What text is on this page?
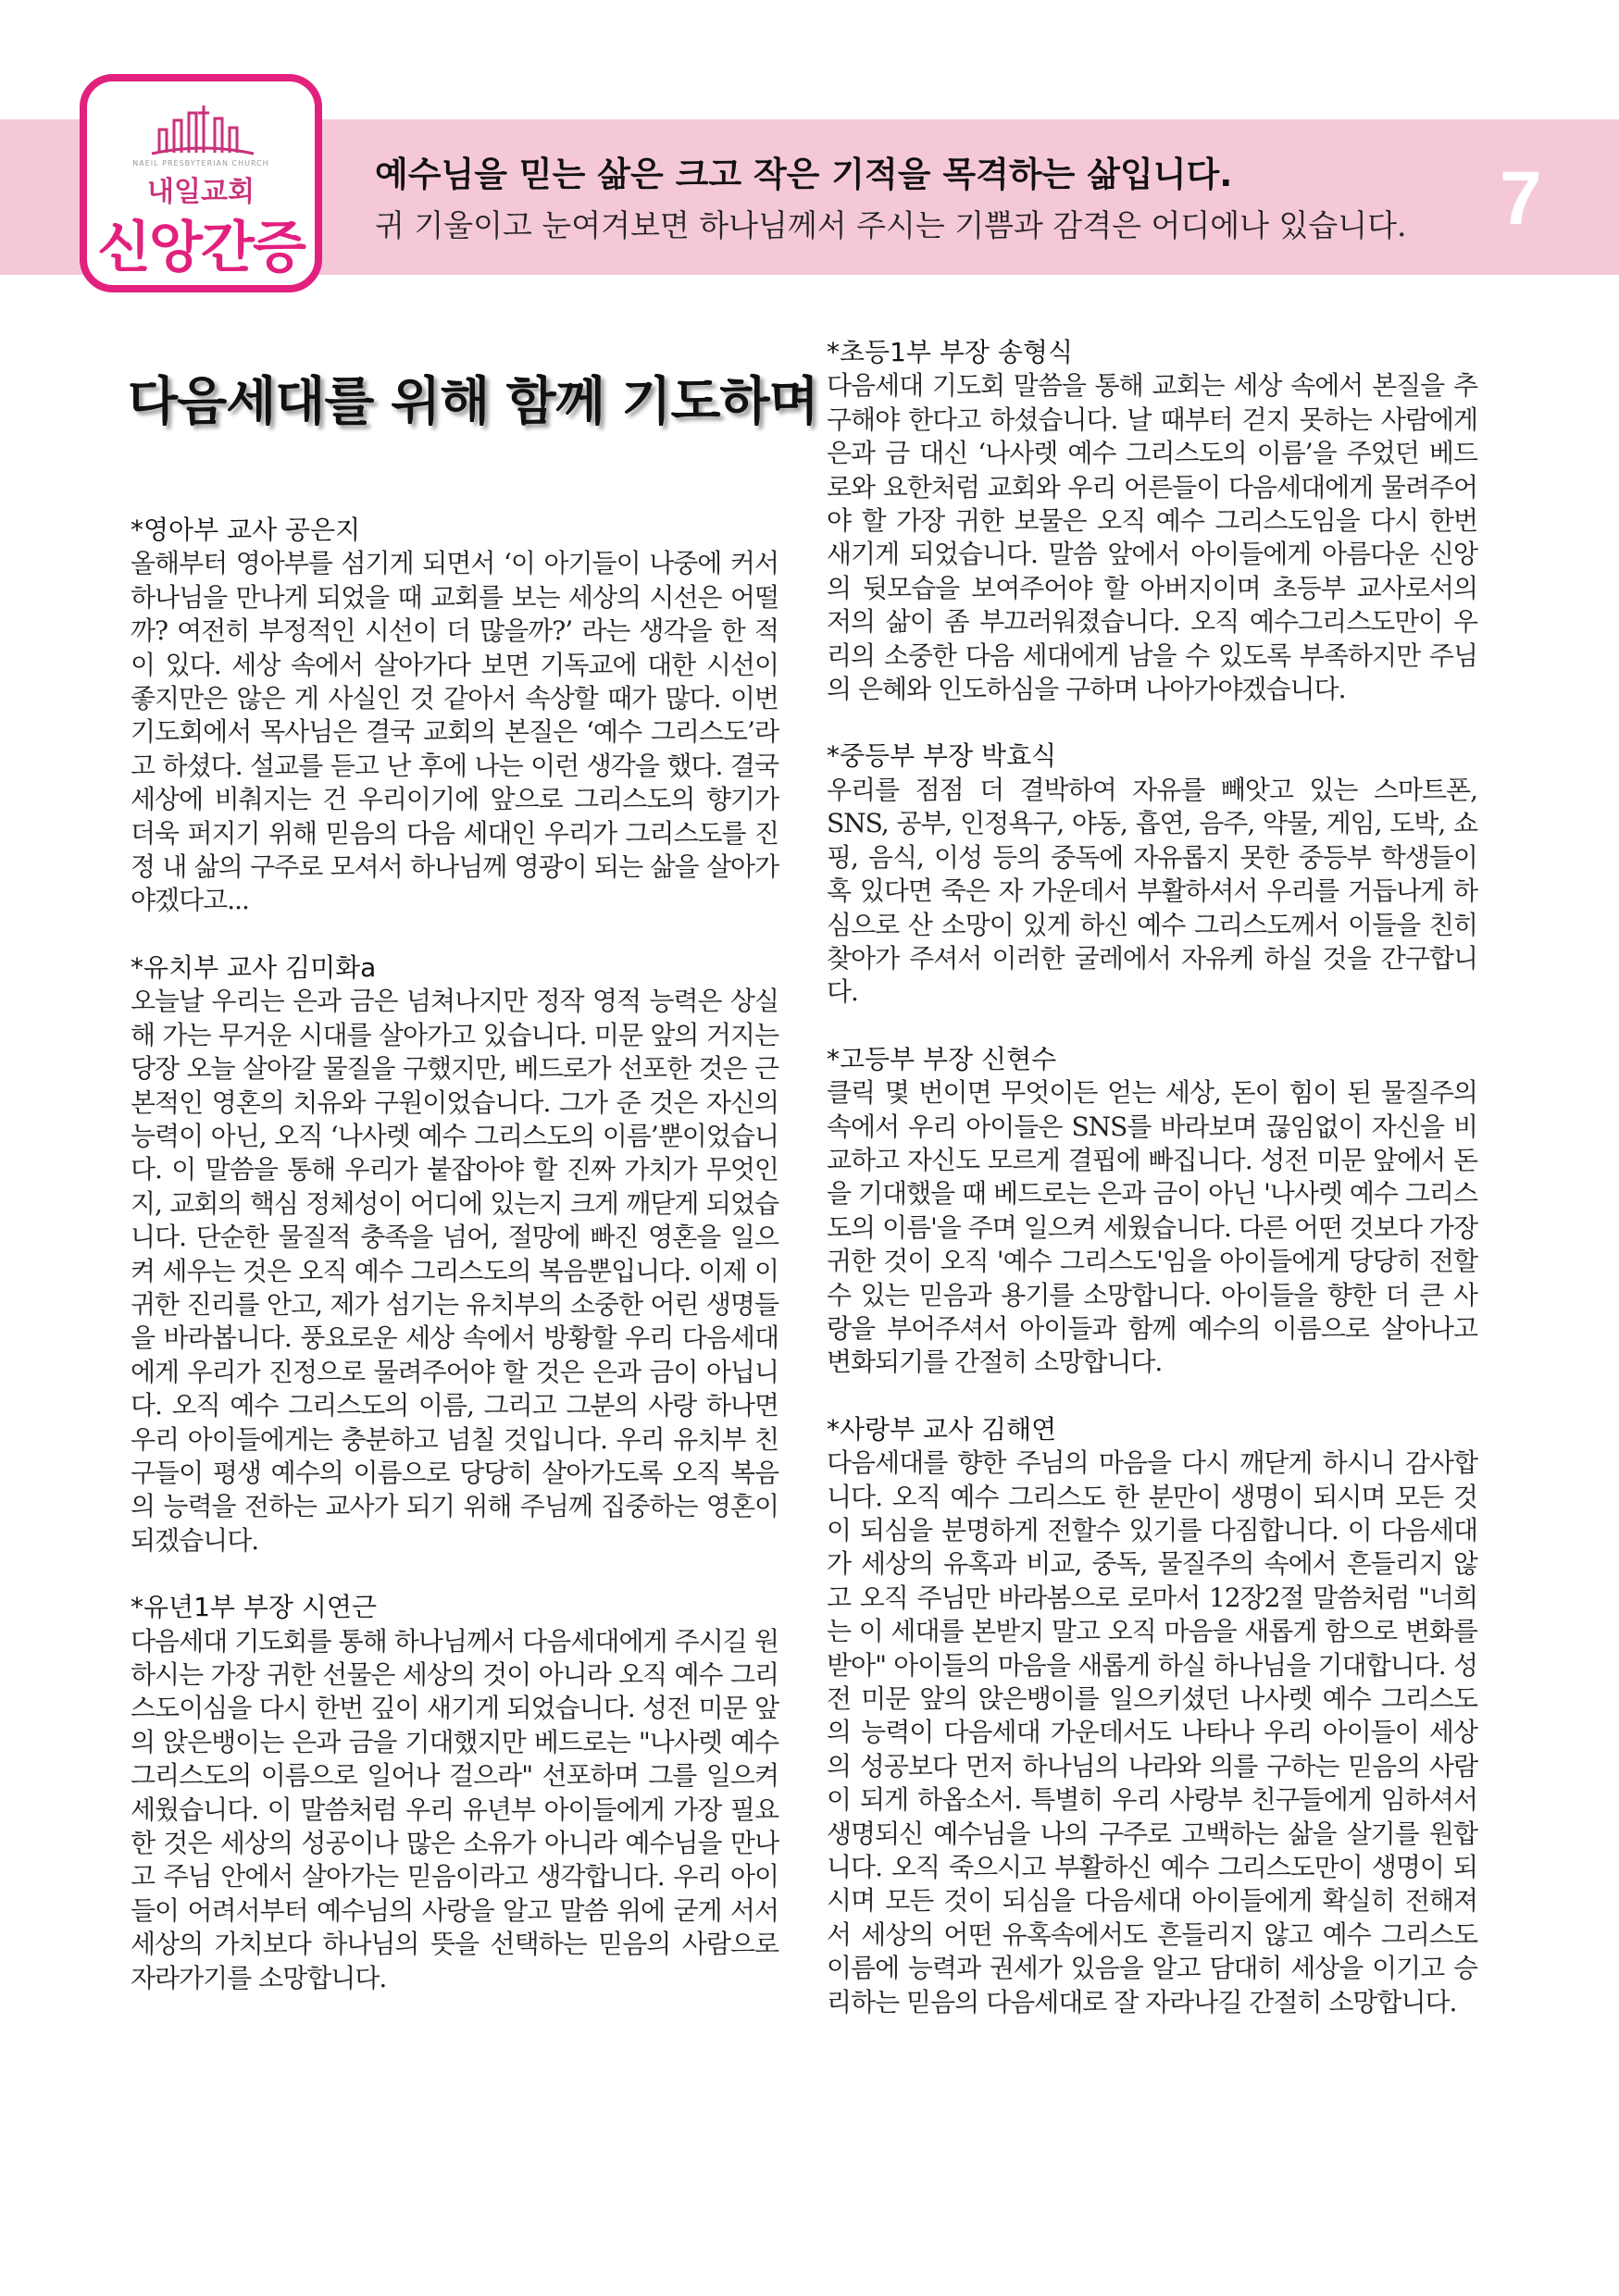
NAEIL PRESBYTERIAN CHURCH
내일교회
신앙간증
예수님을 믿는 삶은 크고 작은 기적을 목격하는 삶입니다.
귀 기울이고 눈여겨보면 하나님께서 주시는 기쁨과 감격은 어디에나 있습니다. 7
다음세대를 위해 함께 기도하며
*영아부 교사 공은지
올해부터 영아부를 섬기게 되면서 ‘이 아기들이 나중에 커서 하나님을 만나게 되었을 때 교회를 보는 세상의 시선은 어떨까? 여전히 부정적인 시선이 더 많을까?’ 라는 생각을 한 적이 있다. 세상 속에서 살아가다 보면 기독교에 대한 시선이 좋지만은 않은 게 사실인 것 같아서 속상할 때가 많다. 이번 기도회에서 목사님은 결국 교회의 본질은 ‘예수 그리스도’라고 하셨다. 설교를 듣고 난 후에 나는 이런 생각을 했다. 결국 세상에 비춰지는 건 우리이기에 앞으로 그리스도의 향기가 더욱 퍼지기 위해 믿음의 다음 세대인 우리가 그리스도를 진정 내 삶의 구주로 모셔서 하나님께 영광이 되는 삶을 살아가야겠다고...
*유치부 교사 김미화a
오늘날 우리는 은과 금은 넘쳐나지만 정작 영적 능력은 상실해 가는 무거운 시대를 살아가고 있습니다. 미문 앞의 거지는 당장 오늘 살아갈 물질을 구했지만, 베드로가 선포한 것은 근본적인 영혼의 치유와 구원이었습니다. 그가 준 것은 자신의 능력이 아닌, 오직 ‘나사렛 예수 그리스도의 이름’뿐이었습니다. 이 말씀을 통해 우리가 붙잡아야 할 진짜 가치가 무엇인지, 교회의 핵심 정체성이 어디에 있는지 크게 깨닫게 되었습니다. 단순한 물질적 충족을 넘어, 절망에 빠진 영혼을 일으켜 세우는 것은 오직 예수 그리스도의 복음뿐입니다. 이제 이 귀한 진리를 안고, 제가 섬기는 유치부의 소중한 어린 생명들을 바라봅니다. 풍요로운 세상 속에서 방황할 우리 다음세대에게 우리가 진정으로 물려주어야 할 것은 은과 금이 아닙니다. 오직 예수 그리스도의 이름, 그리고 그분의 사랑 하나면 우리 아이들에게는 충분하고 넘칠 것입니다. 우리 유치부 친구들이 평생 예수의 이름으로 당당히 살아가도록 오직 복음의 능력을 전하는 교사가 되기 위해 주님께 집중하는 영혼이 되겠습니다.
*유년1부 부장 시연근
다음세대 기도회를 통해 하나님께서 다음세대에게 주시길 원하시는 가장 귀한 선물은 세상의 것이 아니라 오직 예수 그리스도이심을 다시 한번 깊이 새기게 되었습니다. 성전 미문 앞의 앉은뱅이는 은과 금을 기대했지만 베드로는 "나사렛 예수 그리스도의 이름으로 일어나 걸으라" 선포하며 그를 일으켜 세웠습니다. 이 말씀처럼 우리 유년부 아이들에게 가장 필요한 것은 세상의 성공이나 많은 소유가 아니라 예수님을 만나고 주님 안에서 살아가는 믿음이라고 생각합니다. 우리 아이들이 어려서부터 예수님의 사랑을 알고 말씀 위에 굳게 서서 세상의 가치보다 하나님의 뜻을 선택하는 믿음의 사람으로 자라가기를 소망합니다.
*초등1부 부장 송형식
다음세대 기도회 말씀을 통해 교회는 세상 속에서 본질을 추구해야 한다고 하셨습니다. 날 때부터 걷지 못하는 사람에게 은과 금 대신 ‘나사렛 예수 그리스도의 이름’을 주었던 베드로와 요한처럼 교회와 우리 어른들이 다음세대에게 물려주어야 할 가장 귀한 보물은 오직 예수 그리스도임을 다시 한번 새기게 되었습니다. 말씀 앞에서 아이들에게 아름다운 신앙의 뒷모습을 보여주어야 할 아버지이며 초등부 교사로서의 저의 삶이 좀 부끄러워졌습니다. 오직 예수그리스도만이 우리의 소중한 다음 세대에게 남을 수 있도록 부족하지만 주님의 은혜와 인도하심을 구하며 나아가야겠습니다.
*중등부 부장 박효식
우리를 점점 더 결박하여 자유를 빼앗고 있는 스마트폰, SNS, 공부, 인정욕구, 야동, 흡연, 음주, 약물, 게임, 도박, 쇼핑, 음식, 이성 등의 중독에 자유롭지 못한 중등부 학생들이 혹 있다면 죽은 자 가운데서 부활하셔서 우리를 거듭나게 하심으로 산 소망이 있게 하신 예수 그리스도께서 이들을 친히 찾아가 주셔서 이러한 굴레에서 자유케 하실 것을 간구합니다.
*고등부 부장 신현수
클릭 몇 번이면 무엇이든 얻는 세상, 돈이 힘이 된 물질주의 속에서 우리 아이들은 SNS를 바라보며 끊임없이 자신을 비교하고 자신도 모르게 결핍에 빠집니다. 성전 미문 앞에서 돈을 기대했을 때 베드로는 은과 금이 아닌 '나사렛 예수 그리스도의 이름'을 주며 일으켜 세웠습니다. 다른 어떤 것보다 가장 귀한 것이 오직 '예수 그리스도'임을 아이들에게 당당히 전할 수 있는 믿음과 용기를 소망합니다. 아이들을 향한 더 큰 사랑을 부어주셔서 아이들과 함께 예수의 이름으로 살아나고 변화되기를 간절히 소망합니다.
*사랑부 교사 김해연
다음세대를 향한 주님의 마음을 다시 깨닫게 하시니 감사합니다. 오직 예수 그리스도 한 분만이 생명이 되시며 모든 것이 되심을 분명하게 전할수 있기를 다짐합니다. 이 다음세대가 세상의 유혹과 비교, 중독, 물질주의 속에서 흔들리지 않고 오직 주님만 바라봄으로 로마서 12장2절 말씀처럼 "너희는 이 세대를 본받지 말고 오직 마음을 새롭게 함으로 변화를 받아" 아이들의 마음을 새롭게 하실 하나님을 기대합니다. 성전 미문 앞의 앉은뱅이를 일으키셨던 나사렛 예수 그리스도의 능력이 다음세대 가운데서도 나타나 우리 아이들이 세상의 성공보다 먼저 하나님의 나라와 의를 구하는 믿음의 사람이 되게 하옵소서. 특별히 우리 사랑부 친구들에게 임하셔서 생명되신 예수님을 나의 구주로 고백하는 삶을 살기를 원합니다. 오직 죽으시고 부활하신 예수 그리스도만이 생명이 되시며 모든 것이 되심을 다음세대 아이들에게 확실히 전해져서 세상의 어떤 유혹속에서도 흔들리지 않고 예수 그리스도 이름에 능력과 권세가 있음을 알고 담대히 세상을 이기고 승리하는 믿음의 다음세대로 잘 자라나길 간절히 소망합니다.
